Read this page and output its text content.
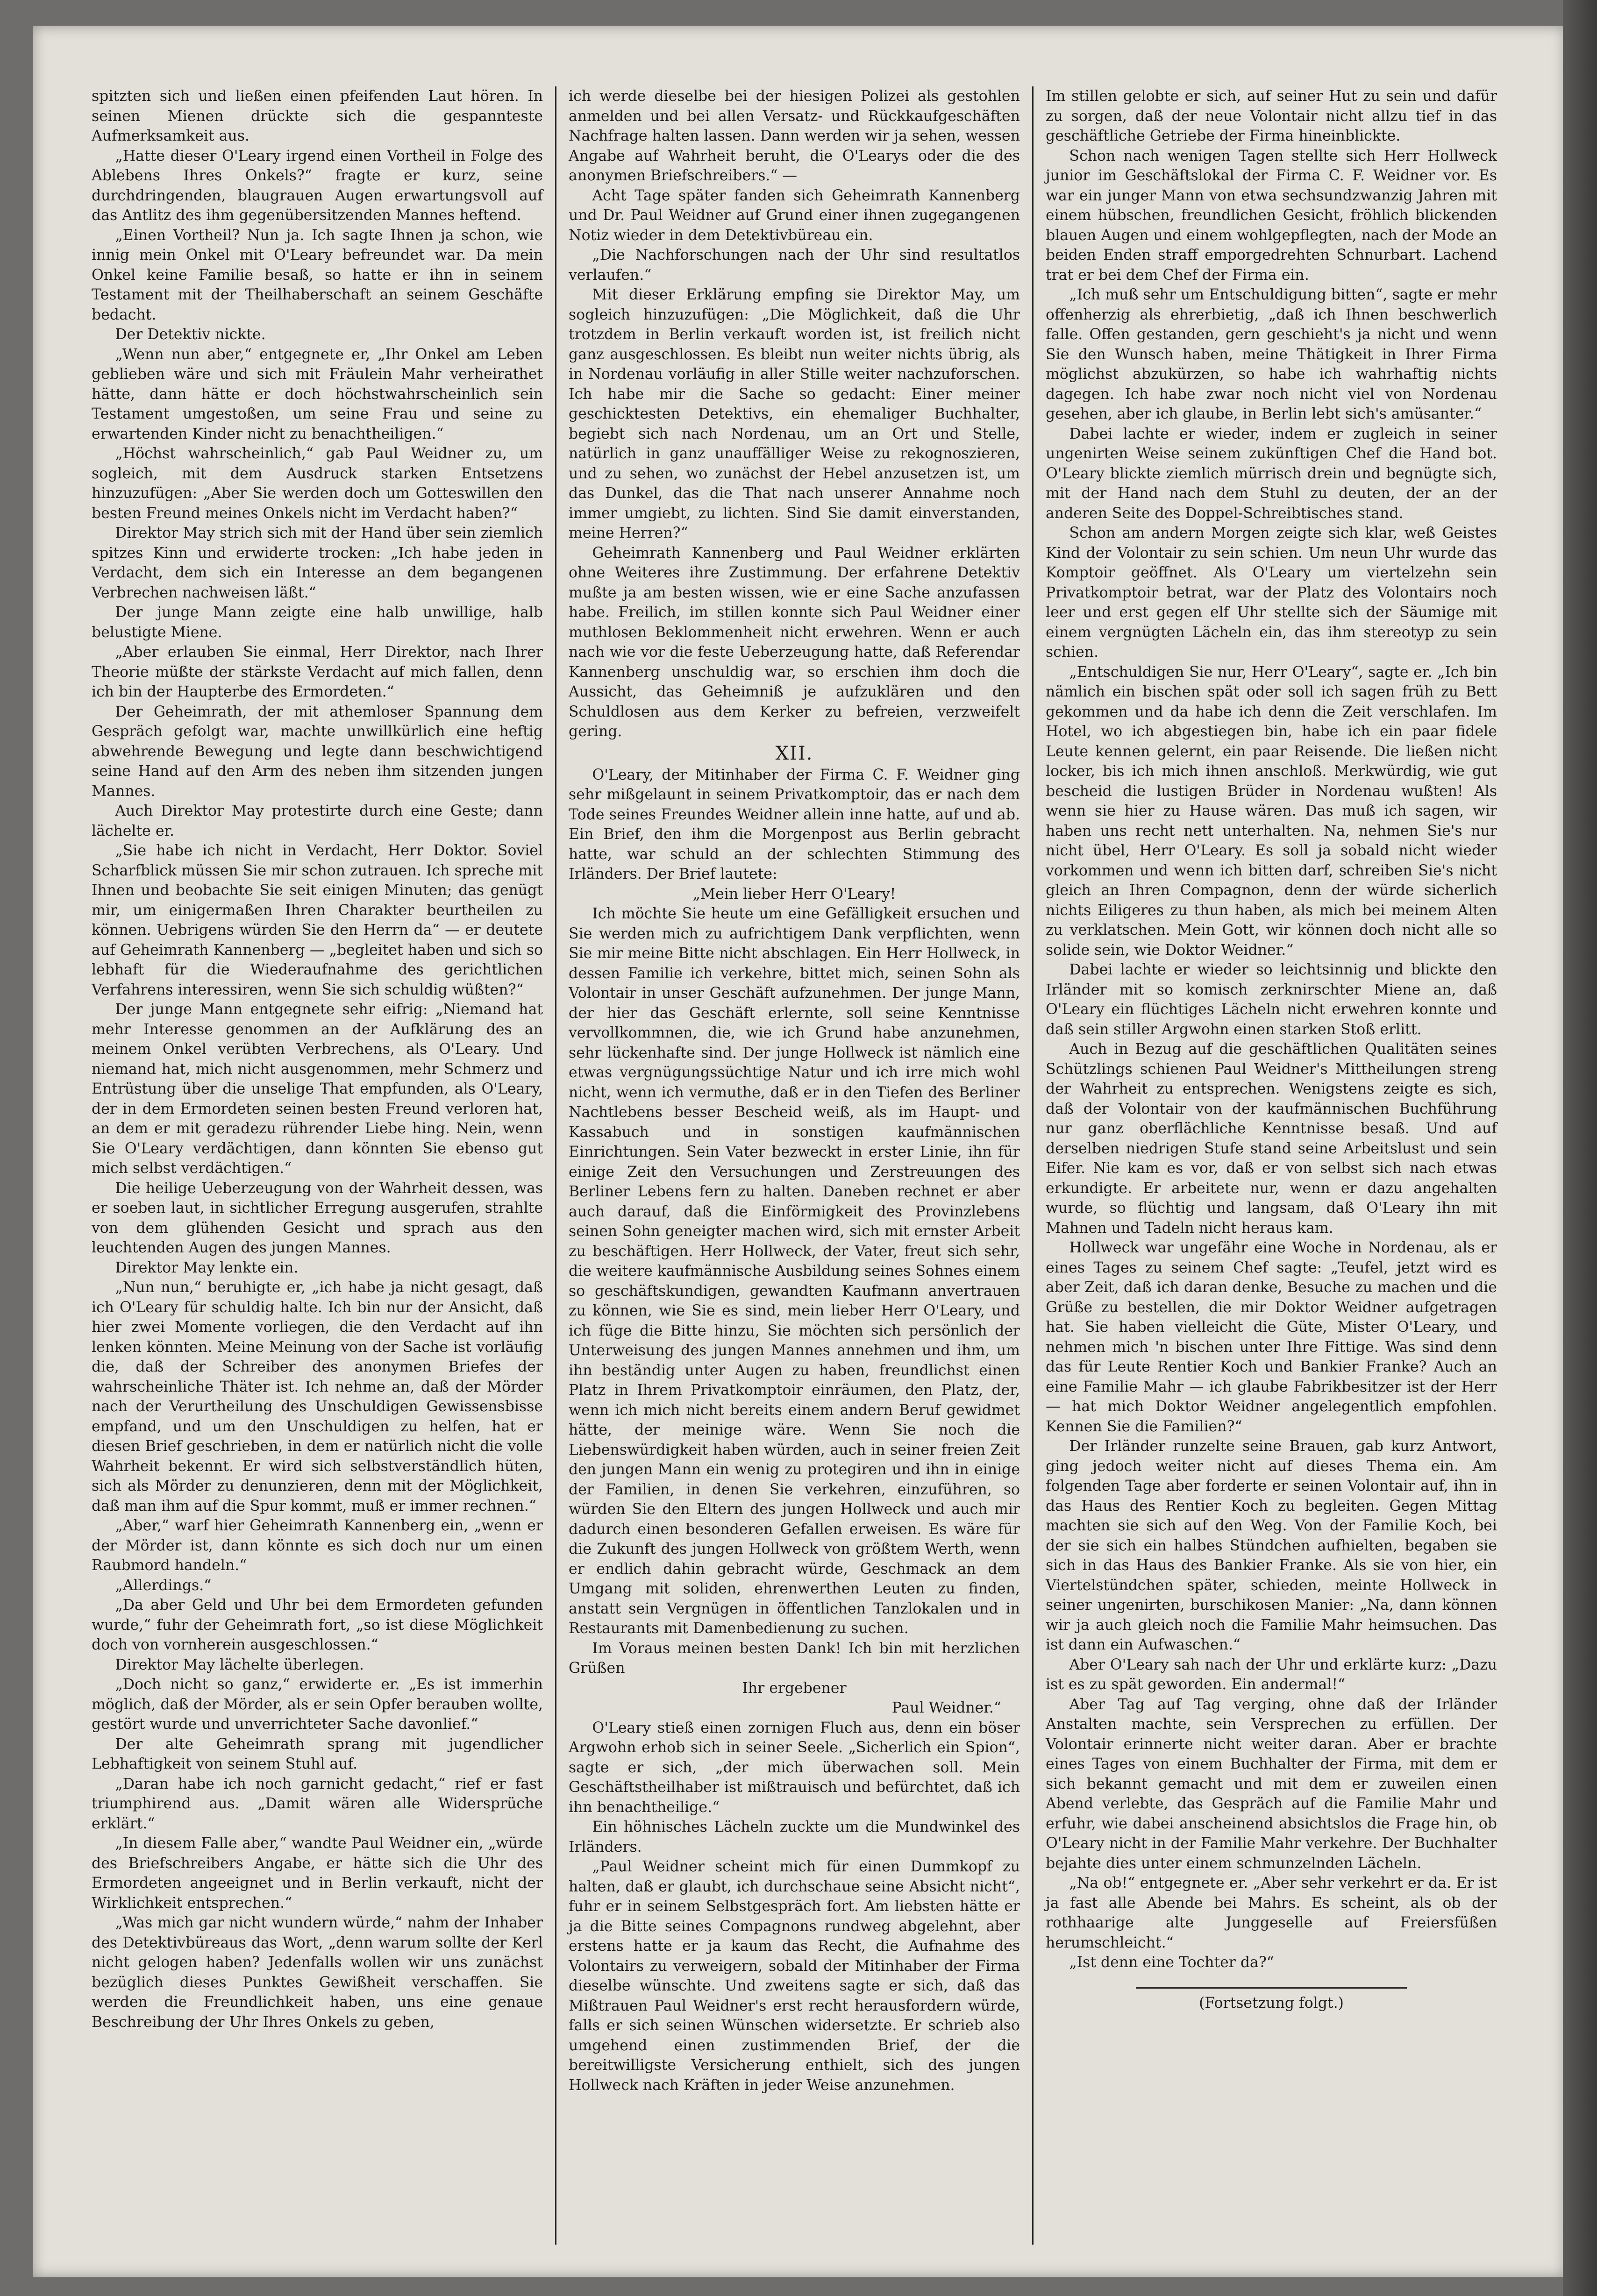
spitzten sich und ließen einen pfeifenden Laut hören. In seinen Mienen drückte sich die gespannteste Aufmerksamkeit aus.

„Hatte dieser O'Leary irgend einen Vortheil in Folge des Ablebens Ihres Onkels?“ fragte er kurz, seine durchdringenden, blaugrauen Augen erwartungsvoll auf das Antlitz des ihm gegenübersitzenden Mannes heftend.

„Einen Vortheil? Nun ja. Ich sagte Ihnen ja schon, wie innig mein Onkel mit O'Leary befreundet war. Da mein Onkel keine Familie besaß, so hatte er ihn in seinem Testament mit der Theilhaberschaft an seinem Geschäfte bedacht.

Der Detektiv nickte.

„Wenn nun aber,“ entgegnete er, „Ihr Onkel am Leben geblieben wäre und sich mit Fräulein Mahr verheirathet hätte, dann hätte er doch höchstwahrscheinlich sein Testament umgestoßen, um seine Frau und seine zu erwartenden Kinder nicht zu benachtheiligen.“

„Höchst wahrscheinlich,“ gab Paul Weidner zu, um sogleich, mit dem Ausdruck starken Entsetzens hinzuzufügen: „Aber Sie werden doch um Gotteswillen den besten Freund meines Onkels nicht im Verdacht haben?“

Direktor May strich sich mit der Hand über sein ziemlich spitzes Kinn und erwiderte trocken: „Ich habe jeden in Verdacht, dem sich ein Interesse an dem begangenen Verbrechen nachweisen läßt.“

Der junge Mann zeigte eine halb unwillige, halb belustigte Miene.

„Aber erlauben Sie einmal, Herr Direktor, nach Ihrer Theorie müßte der stärkste Verdacht auf mich fallen, denn ich bin der Haupterbe des Ermordeten.“

Der Geheimrath, der mit athemloser Spannung dem Gespräch gefolgt war, machte unwillkürlich eine heftig abwehrende Bewegung und legte dann beschwichtigend seine Hand auf den Arm des neben ihm sitzenden jungen Mannes.

Auch Direktor May protestirte durch eine Geste; dann lächelte er.

„Sie habe ich nicht in Verdacht, Herr Doktor. Soviel Scharfblick müssen Sie mir schon zutrauen. Ich spreche mit Ihnen und beobachte Sie seit einigen Minuten; das genügt mir, um einigermaßen Ihren Charakter beurtheilen zu können. Uebrigens würden Sie den Herrn da“ — er deutete auf Geheimrath Kannenberg — „begleitet haben und sich so lebhaft für die Wiederaufnahme des gerichtlichen Verfahrens interessiren, wenn Sie sich schuldig wüßten?“

Der junge Mann entgegnete sehr eifrig: „Niemand hat mehr Interesse genommen an der Aufklärung des an meinem Onkel verübten Verbrechens, als O'Leary. Und niemand hat, mich nicht ausgenommen, mehr Schmerz und Entrüstung über die unselige That empfunden, als O'Leary, der in dem Ermordeten seinen besten Freund verloren hat, an dem er mit geradezu rührender Liebe hing. Nein, wenn Sie O'Leary verdächtigen, dann könnten Sie ebenso gut mich selbst verdächtigen.“

Die heilige Ueberzeugung von der Wahrheit dessen, was er soeben laut, in sichtlicher Erregung ausgerufen, strahlte von dem glühenden Gesicht und sprach aus den leuchtenden Augen des jungen Mannes.

Direktor May lenkte ein.

„Nun nun,“ beruhigte er, „ich habe ja nicht gesagt, daß ich O'Leary für schuldig halte. Ich bin nur der Ansicht, daß hier zwei Momente vorliegen, die den Verdacht auf ihn lenken könnten. Meine Meinung von der Sache ist vorläufig die, daß der Schreiber des anonymen Briefes der wahrscheinliche Thäter ist. Ich nehme an, daß der Mörder nach der Verurtheilung des Unschuldigen Gewissensbisse empfand, und um den Unschuldigen zu helfen, hat er diesen Brief geschrieben, in dem er natürlich nicht die volle Wahrheit bekennt. Er wird sich selbstverständlich hüten, sich als Mörder zu denunzieren, denn mit der Möglichkeit, daß man ihm auf die Spur kommt, muß er immer rechnen.“

„Aber,“ warf hier Geheimrath Kannenberg ein, „wenn er der Mörder ist, dann könnte es sich doch nur um einen Raubmord handeln.“

„Allerdings.“

„Da aber Geld und Uhr bei dem Ermordeten gefunden wurde,“ fuhr der Geheimrath fort, „so ist diese Möglichkeit doch von vornherein ausgeschlossen.“

Direktor May lächelte überlegen.

„Doch nicht so ganz,“ erwiderte er. „Es ist immerhin möglich, daß der Mörder, als er sein Opfer berauben wollte, gestört wurde und unverrichteter Sache davonlief.“

Der alte Geheimrath sprang mit jugendlicher Lebhaftigkeit von seinem Stuhl auf.

„Daran habe ich noch garnicht gedacht,“ rief er fast triumphirend aus. „Damit wären alle Widersprüche erklärt.“

„In diesem Falle aber,“ wandte Paul Weidner ein, „würde des Briefschreibers Angabe, er hätte sich die Uhr des Ermordeten angeeignet und in Berlin verkauft, nicht der Wirklichkeit entsprechen.“

„Was mich gar nicht wundern würde,“ nahm der Inhaber des Detektivbüreaus das Wort, „denn warum sollte der Kerl nicht gelogen haben? Jedenfalls wollen wir uns zunächst bezüglich dieses Punktes Gewißheit verschaffen. Sie werden die Freundlichkeit haben, uns eine genaue Beschreibung der Uhr Ihres Onkels zu geben,

ich werde dieselbe bei der hiesigen Polizei als gestohlen anmelden und bei allen Versatz- und Rückkaufgeschäften Nachfrage halten lassen. Dann werden wir ja sehen, wessen Angabe auf Wahrheit beruht, die O'Learys oder die des anonymen Briefschreibers.“ —

Acht Tage später fanden sich Geheimrath Kannenberg und Dr. Paul Weidner auf Grund einer ihnen zugegangenen Notiz wieder in dem Detektivbüreau ein.

„Die Nachforschungen nach der Uhr sind resultatlos verlaufen.“

Mit dieser Erklärung empfing sie Direktor May, um sogleich hinzuzufügen: „Die Möglichkeit, daß die Uhr trotzdem in Berlin verkauft worden ist, ist freilich nicht ganz ausgeschlossen. Es bleibt nun weiter nichts übrig, als in Nordenau vorläufig in aller Stille weiter nachzuforschen. Ich habe mir die Sache so gedacht: Einer meiner geschicktesten Detektivs, ein ehemaliger Buchhalter, begiebt sich nach Nordenau, um an Ort und Stelle, natürlich in ganz unauffälliger Weise zu rekognoszieren, und zu sehen, wo zunächst der Hebel anzusetzen ist, um das Dunkel, das die That nach unserer Annahme noch immer umgiebt, zu lichten. Sind Sie damit einverstanden, meine Herren?“

Geheimrath Kannenberg und Paul Weidner erklärten ohne Weiteres ihre Zustimmung. Der erfahrene Detektiv mußte ja am besten wissen, wie er eine Sache anzufassen habe. Freilich, im stillen konnte sich Paul Weidner einer muthlosen Beklommenheit nicht erwehren. Wenn er auch nach wie vor die feste Ueberzeugung hatte, daß Referendar Kannenberg unschuldig war, so erschien ihm doch die Aussicht, das Geheimniß je aufzuklären und den Schuldlosen aus dem Kerker zu befreien, verzweifelt gering.

XII.

O'Leary, der Mitinhaber der Firma C. F. Weidner ging sehr mißgelaunt in seinem Privatkomptoir, das er nach dem Tode seines Freundes Weidner allein inne hatte, auf und ab. Ein Brief, den ihm die Morgenpost aus Berlin gebracht hatte, war schuld an der schlechten Stimmung des Irländers. Der Brief lautete:

„Mein lieber Herr O'Leary!

Ich möchte Sie heute um eine Gefälligkeit ersuchen und Sie werden mich zu aufrichtigem Dank verpflichten, wenn Sie mir meine Bitte nicht abschlagen. Ein Herr Hollweck, in dessen Familie ich verkehre, bittet mich, seinen Sohn als Volontair in unser Geschäft aufzunehmen. Der junge Mann, der hier das Geschäft erlernte, soll seine Kenntnisse vervollkommnen, die, wie ich Grund habe anzunehmen, sehr lückenhafte sind. Der junge Hollweck ist nämlich eine etwas vergnügungssüchtige Natur und ich irre mich wohl nicht, wenn ich vermuthe, daß er in den Tiefen des Berliner Nachtlebens besser Bescheid weiß, als im Haupt- und Kassabuch und in sonstigen kaufmännischen Einrichtungen. Sein Vater bezweckt in erster Linie, ihn für einige Zeit den Versuchungen und Zerstreuungen des Berliner Lebens fern zu halten. Daneben rechnet er aber auch darauf, daß die Einförmigkeit des Provinzlebens seinen Sohn geneigter machen wird, sich mit ernster Arbeit zu beschäftigen. Herr Hollweck, der Vater, freut sich sehr, die weitere kaufmännische Ausbildung seines Sohnes einem so geschäftskundigen, gewandten Kaufmann anvertrauen zu können, wie Sie es sind, mein lieber Herr O'Leary, und ich füge die Bitte hinzu, Sie möchten sich persönlich der Unterweisung des jungen Mannes annehmen und ihm, um ihn beständig unter Augen zu haben, freundlichst einen Platz in Ihrem Privatkomptoir einräumen, den Platz, der, wenn ich mich nicht bereits einem andern Beruf gewidmet hätte, der meinige wäre. Wenn Sie noch die Liebenswürdigkeit haben würden, auch in seiner freien Zeit den jungen Mann ein wenig zu protegiren und ihn in einige der Familien, in denen Sie verkehren, einzuführen, so würden Sie den Eltern des jungen Hollweck und auch mir dadurch einen besonderen Gefallen erweisen. Es wäre für die Zukunft des jungen Hollweck von größtem Werth, wenn er endlich dahin gebracht würde, Geschmack an dem Umgang mit soliden, ehrenwerthen Leuten zu finden, anstatt sein Vergnügen in öffentlichen Tanzlokalen und in Restaurants mit Damenbedienung zu suchen.

Im Voraus meinen besten Dank! Ich bin mit herzlichen Grüßen

Ihr ergebener

Paul Weidner.“

O'Leary stieß einen zornigen Fluch aus, denn ein böser Argwohn erhob sich in seiner Seele. „Sicherlich ein Spion“, sagte er sich, „der mich überwachen soll. Mein Geschäftstheilhaber ist mißtrauisch und befürchtet, daß ich ihn benachtheilige.“

Ein höhnisches Lächeln zuckte um die Mundwinkel des Irländers.

„Paul Weidner scheint mich für einen Dummkopf zu halten, daß er glaubt, ich durchschaue seine Absicht nicht“, fuhr er in seinem Selbstgespräch fort. Am liebsten hätte er ja die Bitte seines Compagnons rundweg abgelehnt, aber erstens hatte er ja kaum das Recht, die Aufnahme des Volontairs zu verweigern, sobald der Mitinhaber der Firma dieselbe wünschte. Und zweitens sagte er sich, daß das Mißtrauen Paul Weidner's erst recht herausfordern würde, falls er sich seinen Wünschen widersetzte. Er schrieb also umgehend einen zustimmenden Brief, der die bereitwilligste Versicherung enthielt, sich des jungen Hollweck nach Kräften in jeder Weise anzunehmen.

Im stillen gelobte er sich, auf seiner Hut zu sein und dafür zu sorgen, daß der neue Volontair nicht allzu tief in das geschäftliche Getriebe der Firma hineinblickte.

Schon nach wenigen Tagen stellte sich Herr Hollweck junior im Geschäftslokal der Firma C. F. Weidner vor. Es war ein junger Mann von etwa sechsundzwanzig Jahren mit einem hübschen, freundlichen Gesicht, fröhlich blickenden blauen Augen und einem wohlgepflegten, nach der Mode an beiden Enden straff emporgedrehten Schnurbart. Lachend trat er bei dem Chef der Firma ein.

„Ich muß sehr um Entschuldigung bitten“, sagte er mehr offenherzig als ehrerbietig, „daß ich Ihnen beschwerlich falle. Offen gestanden, gern geschieht's ja nicht und wenn Sie den Wunsch haben, meine Thätigkeit in Ihrer Firma möglichst abzukürzen, so habe ich wahrhaftig nichts dagegen. Ich habe zwar noch nicht viel von Nordenau gesehen, aber ich glaube, in Berlin lebt sich's amüsanter.“

Dabei lachte er wieder, indem er zugleich in seiner ungenirten Weise seinem zukünftigen Chef die Hand bot. O'Leary blickte ziemlich mürrisch drein und begnügte sich, mit der Hand nach dem Stuhl zu deuten, der an der anderen Seite des Doppel-Schreibtisches stand.

Schon am andern Morgen zeigte sich klar, weß Geistes Kind der Volontair zu sein schien. Um neun Uhr wurde das Komptoir geöffnet. Als O'Leary um viertelzehn sein Privatkomptoir betrat, war der Platz des Volontairs noch leer und erst gegen elf Uhr stellte sich der Säumige mit einem vergnügten Lächeln ein, das ihm stereotyp zu sein schien.

„Entschuldigen Sie nur, Herr O'Leary“, sagte er. „Ich bin nämlich ein bischen spät oder soll ich sagen früh zu Bett gekommen und da habe ich denn die Zeit verschlafen. Im Hotel, wo ich abgestiegen bin, habe ich ein paar fidele Leute kennen gelernt, ein paar Reisende. Die ließen nicht locker, bis ich mich ihnen anschloß. Merkwürdig, wie gut bescheid die lustigen Brüder in Nordenau wußten! Als wenn sie hier zu Hause wären. Das muß ich sagen, wir haben uns recht nett unterhalten. Na, nehmen Sie's nur nicht übel, Herr O'Leary. Es soll ja sobald nicht wieder vorkommen und wenn ich bitten darf, schreiben Sie's nicht gleich an Ihren Compagnon, denn der würde sicherlich nichts Eiligeres zu thun haben, als mich bei meinem Alten zu verklatschen. Mein Gott, wir können doch nicht alle so solide sein, wie Doktor Weidner.“

Dabei lachte er wieder so leichtsinnig und blickte den Irländer mit so komisch zerknirschter Miene an, daß O'Leary ein flüchtiges Lächeln nicht erwehren konnte und daß sein stiller Argwohn einen starken Stoß erlitt.

Auch in Bezug auf die geschäftlichen Qualitäten seines Schützlings schienen Paul Weidner's Mittheilungen streng der Wahrheit zu entsprechen. Wenigstens zeigte es sich, daß der Volontair von der kaufmännischen Buchführung nur ganz oberflächliche Kenntnisse besaß. Und auf derselben niedrigen Stufe stand seine Arbeitslust und sein Eifer. Nie kam es vor, daß er von selbst sich nach etwas erkundigte. Er arbeitete nur, wenn er dazu angehalten wurde, so flüchtig und langsam, daß O'Leary ihn mit Mahnen und Tadeln nicht heraus kam.

Hollweck war ungefähr eine Woche in Nordenau, als er eines Tages zu seinem Chef sagte: „Teufel, jetzt wird es aber Zeit, daß ich daran denke, Besuche zu machen und die Grüße zu bestellen, die mir Doktor Weidner aufgetragen hat. Sie haben vielleicht die Güte, Mister O'Leary, und nehmen mich 'n bischen unter Ihre Fittige. Was sind denn das für Leute Rentier Koch und Bankier Franke? Auch an eine Familie Mahr — ich glaube Fabrikbesitzer ist der Herr — hat mich Doktor Weidner angelegentlich empfohlen. Kennen Sie die Familien?“

Der Irländer runzelte seine Brauen, gab kurz Antwort, ging jedoch weiter nicht auf dieses Thema ein. Am folgenden Tage aber forderte er seinen Volontair auf, ihn in das Haus des Rentier Koch zu begleiten. Gegen Mittag machten sie sich auf den Weg. Von der Familie Koch, bei der sie sich ein halbes Stündchen aufhielten, begaben sie sich in das Haus des Bankier Franke. Als sie von hier, ein Viertelstündchen später, schieden, meinte Hollweck in seiner ungenirten, burschikosen Manier: „Na, dann können wir ja auch gleich noch die Familie Mahr heimsuchen. Das ist dann ein Aufwaschen.“

Aber O'Leary sah nach der Uhr und erklärte kurz: „Dazu ist es zu spät geworden. Ein andermal!“

Aber Tag auf Tag verging, ohne daß der Irländer Anstalten machte, sein Versprechen zu erfüllen. Der Volontair erinnerte nicht weiter daran. Aber er brachte eines Tages von einem Buchhalter der Firma, mit dem er sich bekannt gemacht und mit dem er zuweilen einen Abend verlebte, das Gespräch auf die Familie Mahr und erfuhr, wie dabei anscheinend absichtslos die Frage hin, ob O'Leary nicht in der Familie Mahr verkehre. Der Buchhalter bejahte dies unter einem schmunzelnden Lächeln.

„Na ob!“ entgegnete er. „Aber sehr verkehrt er da. Er ist ja fast alle Abende bei Mahrs. Es scheint, als ob der rothhaarige alte Junggeselle auf Freiersfüßen herumschleicht.“

„Ist denn eine Tochter da?“

(Fortsetzung folgt.)
